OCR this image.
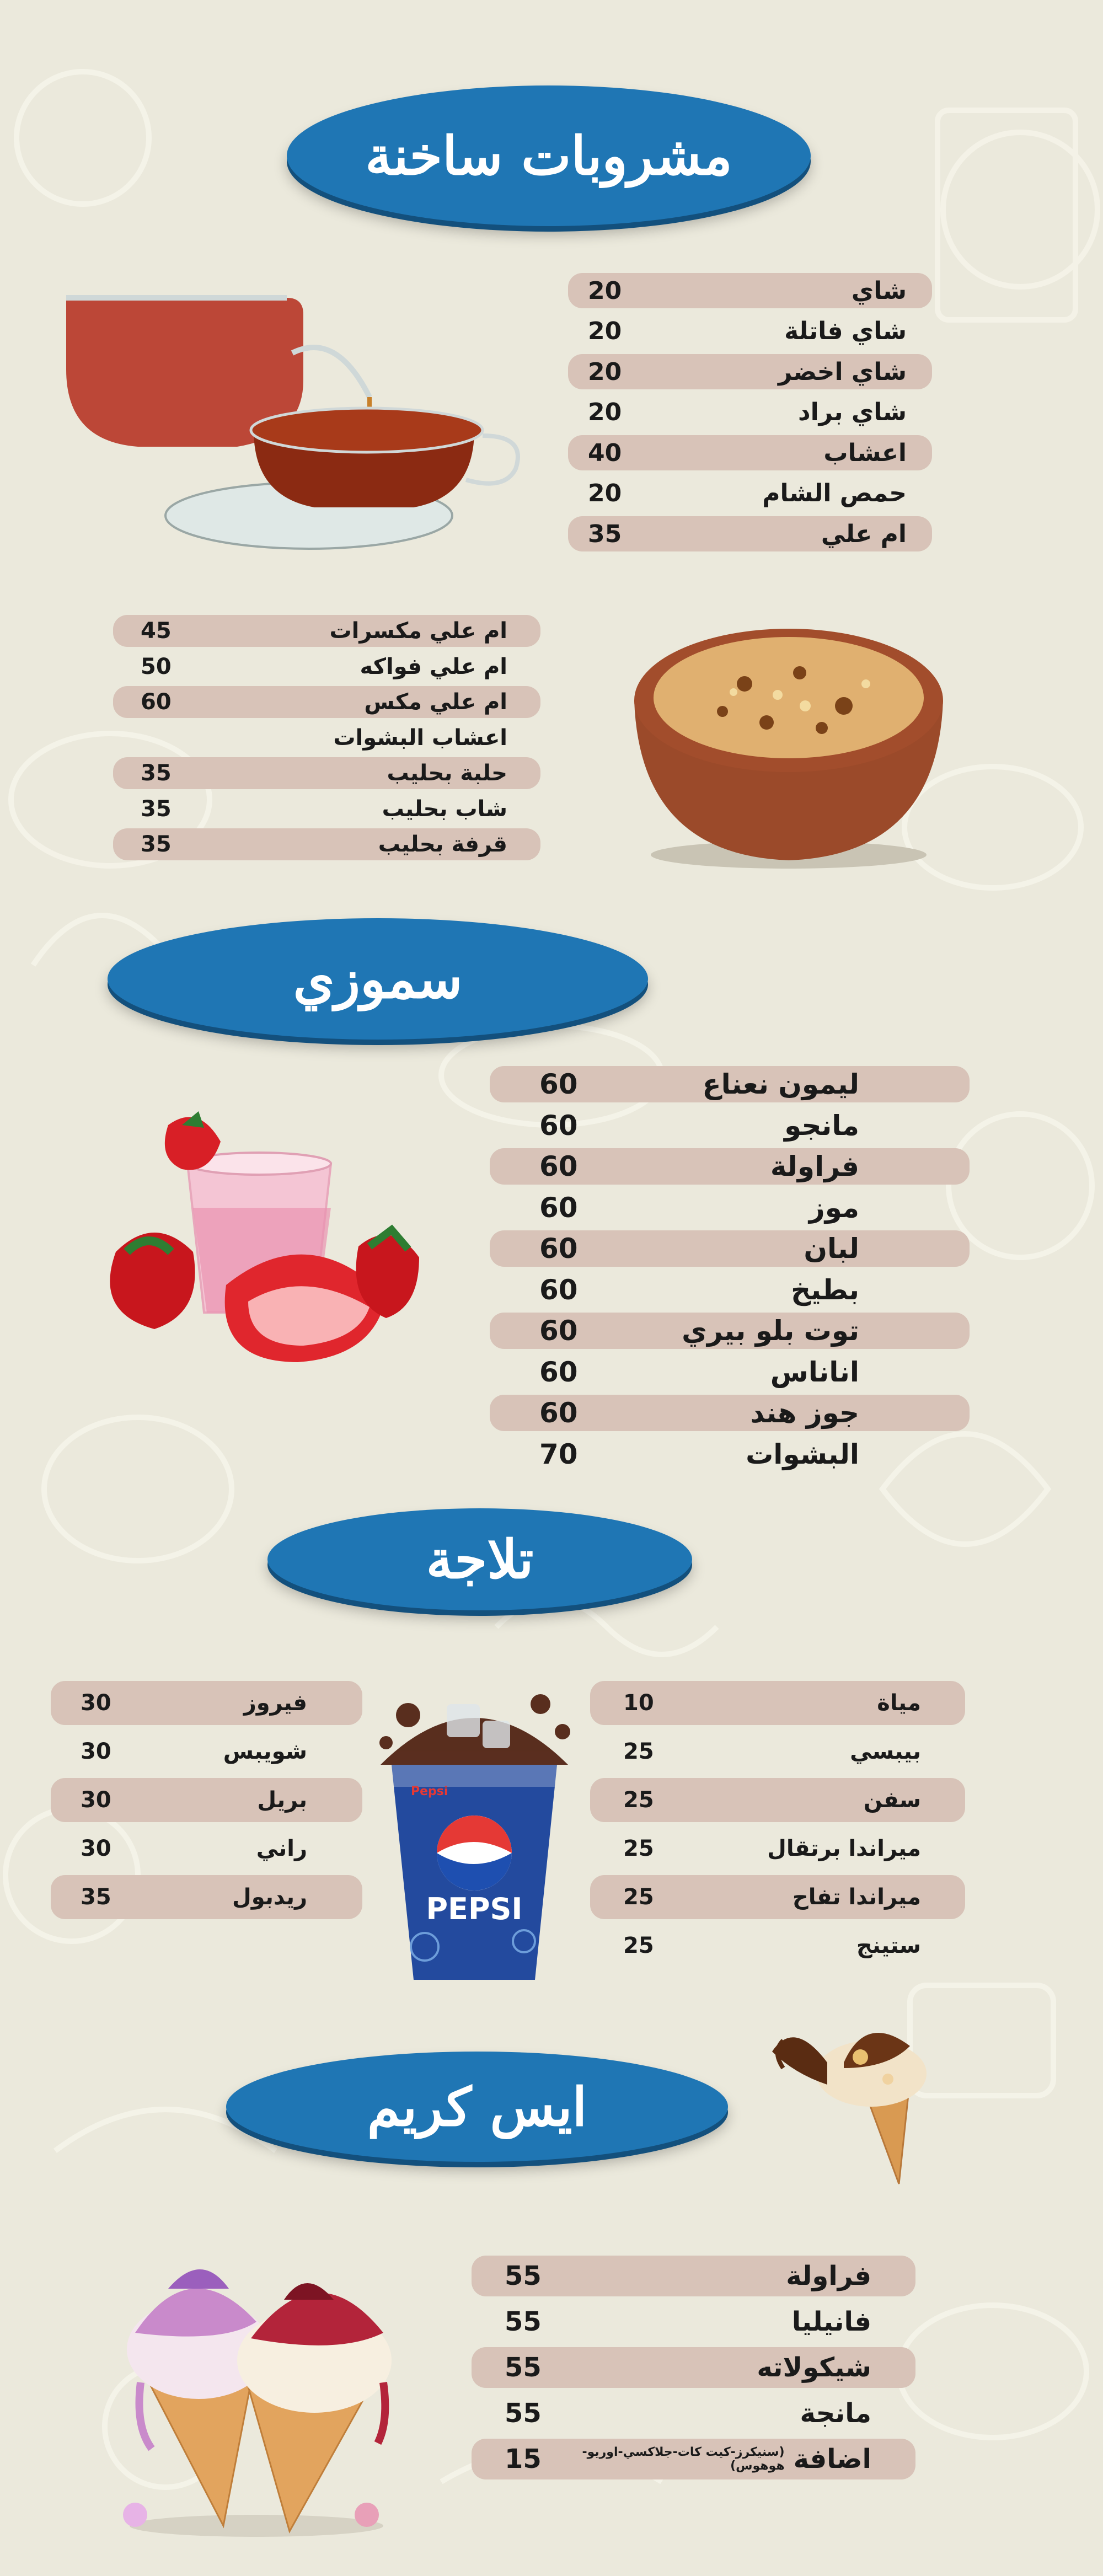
مشروبات ساخنة
20	شاي
20	شاي فاتلة
20	شاي اخضر
20	شاي براد
40	اعشاب
20	حمص الشام
35	ام علي
45	ام علي مكسرات
50	ام علي فواكه
60	ام علي مكس
اعشاب البشوات
35	حلبة بحليب
35	شاب بحليب
35	قرفة بحليب
سموزي
60	ليمون نعناع
60	مانجو
60	فراولة
60	موز
60	لبان
60	بطيخ
60	توت بلو بيري
60	اناناس
60	جوز هند
70	البشوات
تلاجة
30	فيروز
30	شويبس
30	بريل
30	راني
35	ريدبول
10	مياة
25	بيبسي
25	سفن
25	ميراندا برتقال
25	ميراندا تفاح
25	ستينج
Pepsi
PEPSI
ايس كريم
55	فراولة
55	فانيليا
55	شيكولاته
55	مانجة
15	(سنيكرز-كيت كات-جلاكسي-اوريو-هوهوس) اضافة
